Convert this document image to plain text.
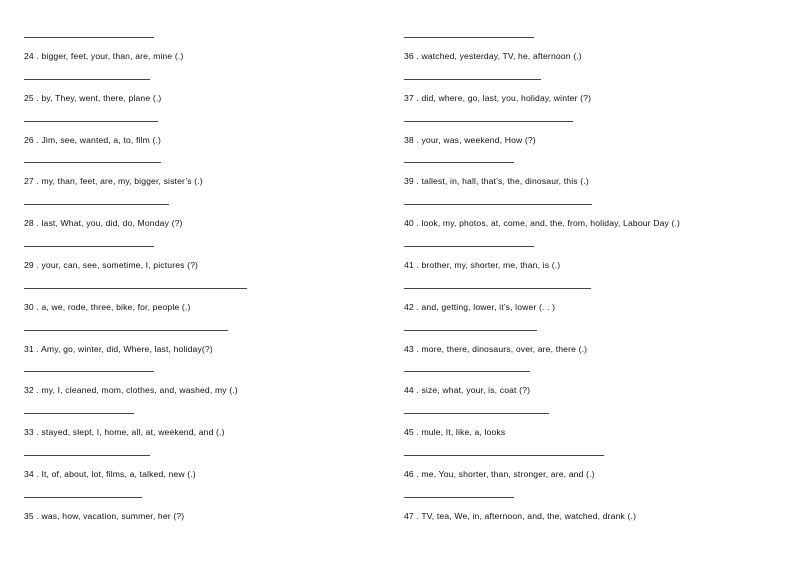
24 . bigger, feet, your, than, are, mine (.)
25 . by, They, went, there, plane (.)
26 . Jim, see, wanted, a, to, film (.)
27 . my, than, feet, are, my, bigger, sister’s (.)
28 . last, What, you, did, do, Monday (?)
29 . your, can, see, sometime, I, pictures (?)
30 . a, we, rode, three, bike, for, people (.)
31 . Amy, go, winter, did, Where, last, holiday(?)
32 . my, I, cleaned, mom, clothes, and, washed, my (.)
33 . stayed, slept, I, home, all, at, weekend, and (.)
34 . It, of, about, lot, films, a, talked, new (.)
35 . was, how, vacation, summer, her (?)
36 . watched, yesterday, TV, he, afternoon (.)
37 . did, where, go, last, you, holiday, winter (?)
38 . your, was, weekend, How (?)
39 . tallest, in, hall, that’s, the, dinosaur, this (.)
40 . look, my, photos, at, come, and, the, from, holiday, Labour Day (.)
41 . brother, my, shorter, me, than, is (.)
42 . and, getting, lower, it’s, lower (. . )
43 . more, there, dinosaurs, over, are, there (.)
44 . size, what, your, is, coat (?)
45 . mule, It, like, a, looks
46 . me, You, shorter, than, stronger, are, and (.)
47 . TV, tea, We, in, afternoon, and, the, watched, drank (.)
